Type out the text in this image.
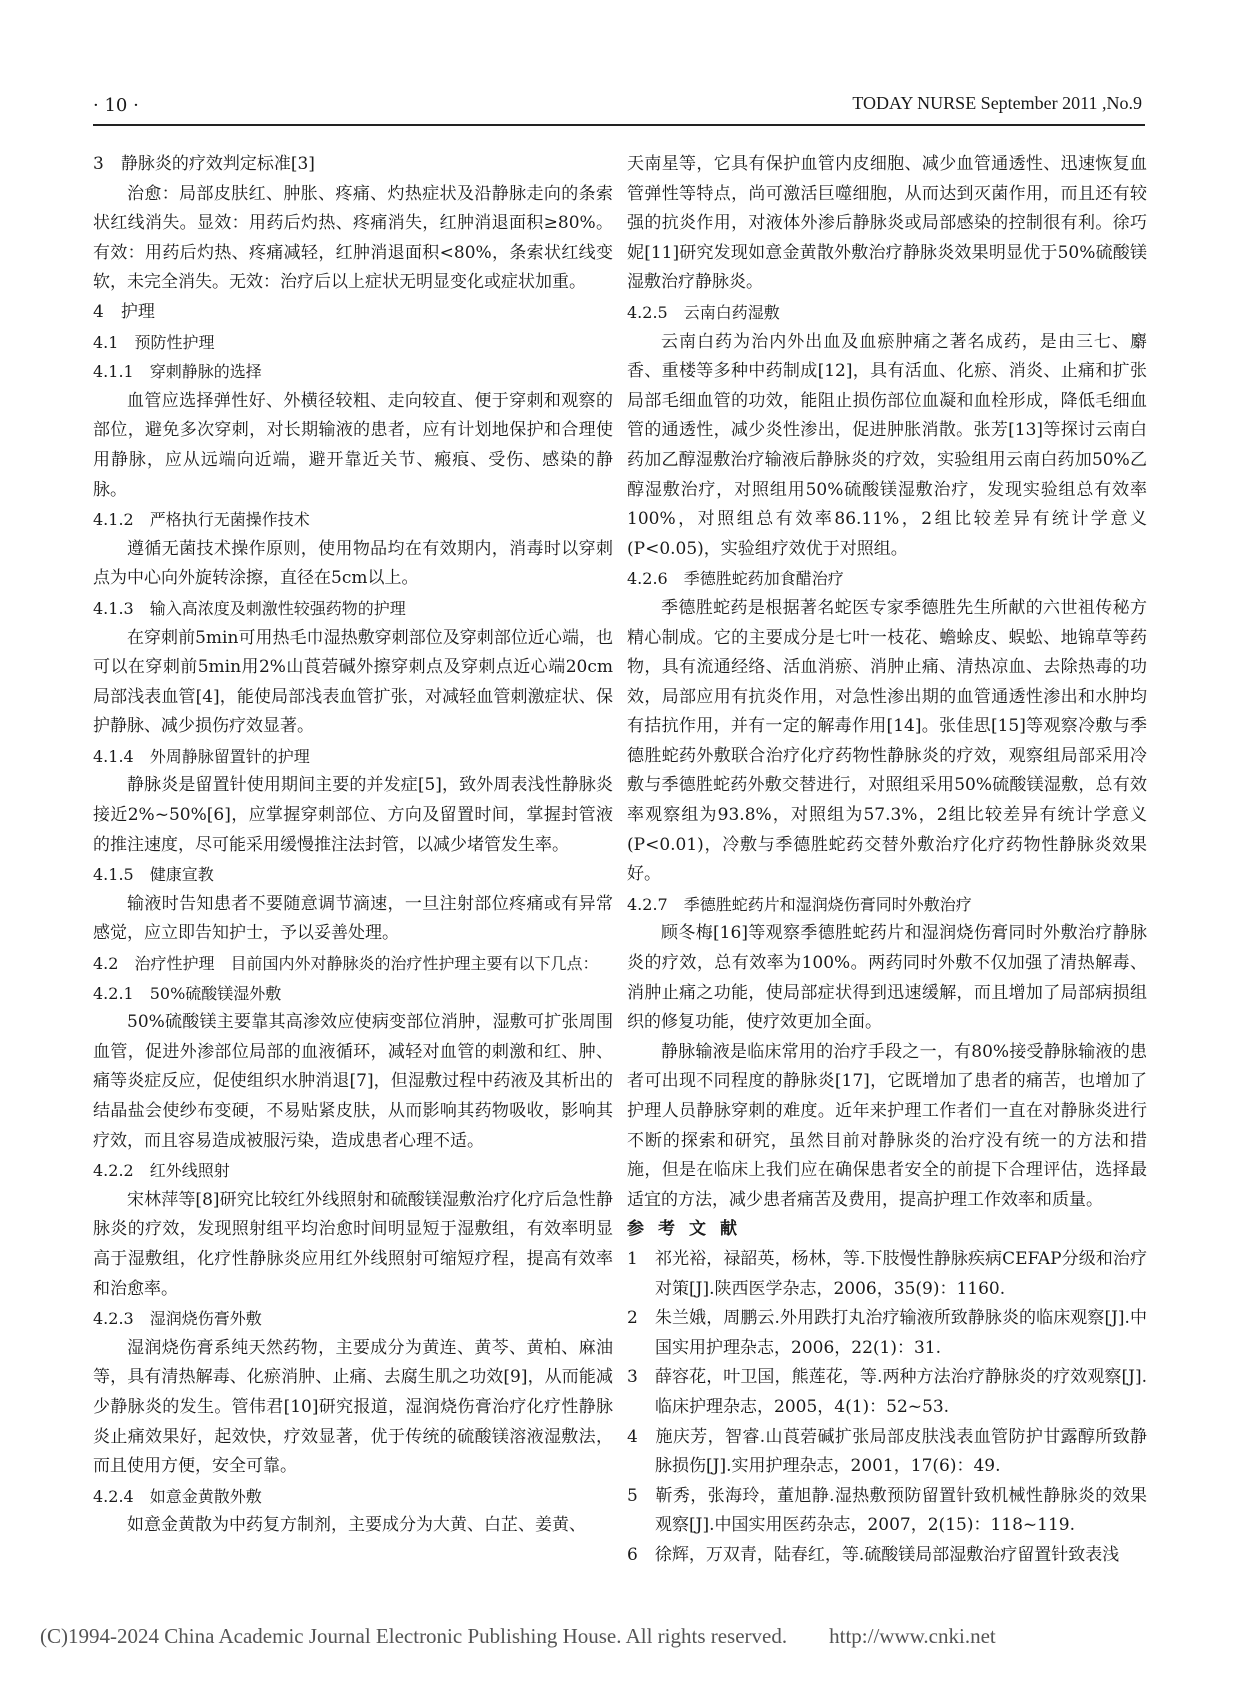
· 10 ·	TODAY NURSE September 2011 ,No.9

3　静脉炎的疗效判定标准[3]

治愈：局部皮肤红、肿胀、疼痛、灼热症状及沿静脉走向的条索状红线消失。显效：用药后灼热、疼痛消失，红肿消退面积≥80%。有效：用药后灼热、疼痛减轻，红肿消退面积<80%，条索状红线变软，未完全消失。无效：治疗后以上症状无明显变化或症状加重。

4　护理

4.1　预防性护理

4.1.1　穿刺静脉的选择

血管应选择弹性好、外横径较粗、走向较直、便于穿刺和观察的部位，避免多次穿刺，对长期输液的患者，应有计划地保护和合理使用静脉，应从远端向近端，避开靠近关节、瘢痕、受伤、感染的静脉。

4.1.2　严格执行无菌操作技术

遵循无菌技术操作原则，使用物品均在有效期内，消毒时以穿刺点为中心向外旋转涂擦，直径在5cm以上。

4.1.3　输入高浓度及刺激性较强药物的护理

在穿刺前5min可用热毛巾湿热敷穿刺部位及穿刺部位近心端，也可以在穿刺前5min用2%山莨菪碱外擦穿刺点及穿刺点近心端20cm局部浅表血管[4]，能使局部浅表血管扩张，对减轻血管刺激症状、保护静脉、减少损伤疗效显著。

4.1.4　外周静脉留置针的护理

静脉炎是留置针使用期间主要的并发症[5]，致外周表浅性静脉炎接近2%~50%[6]，应掌握穿刺部位、方向及留置时间，掌握封管液的推注速度，尽可能采用缓慢推注法封管，以减少堵管发生率。

4.1.5　健康宣教

输液时告知患者不要随意调节滴速，一旦注射部位疼痛或有异常感觉，应立即告知护士，予以妥善处理。

4.2　治疗性护理　目前国内外对静脉炎的治疗性护理主要有以下几点：

4.2.1　50%硫酸镁湿外敷

50%硫酸镁主要靠其高渗效应使病变部位消肿，湿敷可扩张周围血管，促进外渗部位局部的血液循环，减轻对血管的刺激和红、肿、痛等炎症反应，促使组织水肿消退[7]，但湿敷过程中药液及其析出的结晶盐会使纱布变硬，不易贴紧皮肤，从而影响其药物吸收，影响其疗效，而且容易造成被服污染，造成患者心理不适。

4.2.2　红外线照射

宋林萍等[8]研究比较红外线照射和硫酸镁湿敷治疗化疗后急性静脉炎的疗效，发现照射组平均治愈时间明显短于湿敷组，有效率明显高于湿敷组，化疗性静脉炎应用红外线照射可缩短疗程，提高有效率和治愈率。

4.2.3　湿润烧伤膏外敷

湿润烧伤膏系纯天然药物，主要成分为黄连、黄芩、黄柏、麻油等，具有清热解毒、化瘀消肿、止痛、去腐生肌之功效[9]，从而能减少静脉炎的发生。管伟君[10]研究报道，湿润烧伤膏治疗化疗性静脉炎止痛效果好，起效快，疗效显著，优于传统的硫酸镁溶液湿敷法，而且使用方便，安全可靠。

4.2.4　如意金黄散外敷

如意金黄散为中药复方制剂，主要成分为大黄、白芷、姜黄、

天南星等，它具有保护血管内皮细胞、减少血管通透性、迅速恢复血管弹性等特点，尚可激活巨噬细胞，从而达到灭菌作用，而且还有较强的抗炎作用，对液体外渗后静脉炎或局部感染的控制很有利。徐巧妮[11]研究发现如意金黄散外敷治疗静脉炎效果明显优于50%硫酸镁湿敷治疗静脉炎。

4.2.5　云南白药湿敷

云南白药为治内外出血及血瘀肿痛之著名成药，是由三七、麝香、重楼等多种中药制成[12]，具有活血、化瘀、消炎、止痛和扩张局部毛细血管的功效，能阻止损伤部位血凝和血栓形成，降低毛细血管的通透性，减少炎性渗出，促进肿胀消散。张芳[13]等探讨云南白药加乙醇湿敷治疗输液后静脉炎的疗效，实验组用云南白药加50%乙醇湿敷治疗，对照组用50%硫酸镁湿敷治疗，发现实验组总有效率100%，对照组总有效率86.11%，2组比较差异有统计学意义(P<0.05)，实验组疗效优于对照组。

4.2.6　季德胜蛇药加食醋治疗

季德胜蛇药是根据著名蛇医专家季德胜先生所献的六世祖传秘方精心制成。它的主要成分是七叶一枝花、蟾蜍皮、蜈蚣、地锦草等药物，具有流通经络、活血消瘀、消肿止痛、清热凉血、去除热毒的功效，局部应用有抗炎作用，对急性渗出期的血管通透性渗出和水肿均有拮抗作用，并有一定的解毒作用[14]。张佳思[15]等观察冷敷与季德胜蛇药外敷联合治疗化疗药物性静脉炎的疗效，观察组局部采用冷敷与季德胜蛇药外敷交替进行，对照组采用50%硫酸镁湿敷，总有效率观察组为93.8%，对照组为57.3%，2组比较差异有统计学意义(P<0.01)，冷敷与季德胜蛇药交替外敷治疗化疗药物性静脉炎效果好。

4.2.7　季德胜蛇药片和湿润烧伤膏同时外敷治疗

顾冬梅[16]等观察季德胜蛇药片和湿润烧伤膏同时外敷治疗静脉炎的疗效，总有效率为100%。两药同时外敷不仅加强了清热解毒、消肿止痛之功能，使局部症状得到迅速缓解，而且增加了局部病损组织的修复功能，使疗效更加全面。

静脉输液是临床常用的治疗手段之一，有80%接受静脉输液的患者可出现不同程度的静脉炎[17]，它既增加了患者的痛苦，也增加了护理人员静脉穿刺的难度。近年来护理工作者们一直在对静脉炎进行不断的探索和研究，虽然目前对静脉炎的治疗没有统一的方法和措施，但是在临床上我们应在确保患者安全的前提下合理评估，选择最适宜的方法，减少患者痛苦及费用，提高护理工作效率和质量。

参考文献

1　祁光裕，禄韶英，杨林，等.下肢慢性静脉疾病CEFAP分级和治疗对策[J].陕西医学杂志，2006，35(9)：1160.

2　朱兰娥，周鹏云.外用跌打丸治疗输液所致静脉炎的临床观察[J].中国实用护理杂志，2006，22(1)：31.

3　薛容花，叶卫国，熊莲花，等.两种方法治疗静脉炎的疗效观察[J].临床护理杂志，2005，4(1)：52~53.

4　施庆芳，智睿.山莨菪碱扩张局部皮肤浅表血管防护甘露醇所致静脉损伤[J].实用护理杂志，2001，17(6)：49.

5　靳秀，张海玲，董旭静.湿热敷预防留置针致机械性静脉炎的效果观察[J].中国实用医药杂志，2007，2(15)：118~119.

6　徐辉，万双青，陆春红，等.硫酸镁局部湿敷治疗留置针致表浅

(C)1994-2024 China Academic Journal Electronic Publishing House. All rights reserved.　　http://www.cnki.net
